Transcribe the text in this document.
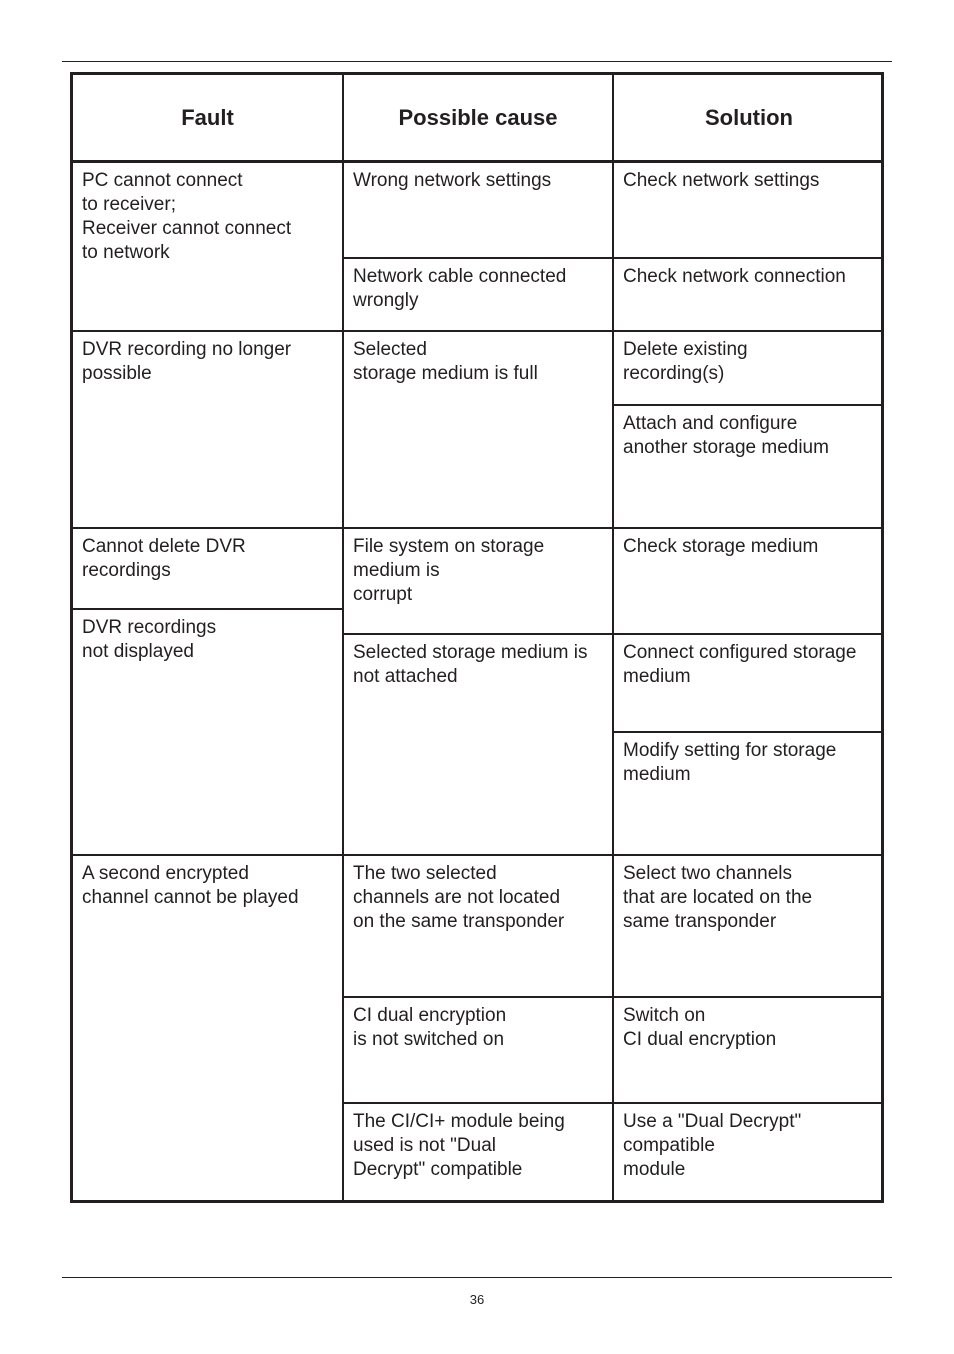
Fault	Possible cause	Solution
PC cannot connect
to receiver;
Receiver cannot connect
to network
DVR recording no longer
possible
Cannot delete DVR
recordings
DVR recordings
not displayed
A second encrypted
channel cannot be played
Wrong network settings
Network cable connected
wrongly
Selected
storage medium is full
File system on storage
medium is
corrupt
Selected storage medium is
not attached
The two selected
channels are not located
on the same transponder
CI dual encryption
is not switched on
The CI/CI+ module being
used is not "Dual
Decrypt" compatible
Check network settings
Check network connection
Delete existing
recording(s)
Attach and configure
another storage medium
Check storage medium
Connect configured storage
medium
Modify setting for storage
medium
Select two channels
that are located on the
same transponder
Switch on
CI dual encryption
Use a "Dual Decrypt"
compatible
module
36
